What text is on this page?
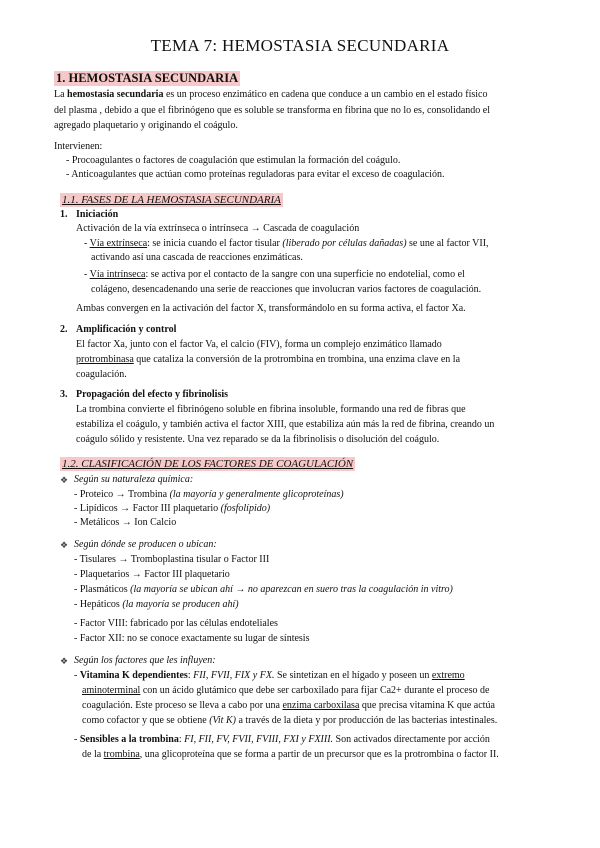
TEMA 7: HEMOSTASIA SECUNDARIA
1. HEMOSTASIA SECUNDARIA
La hemostasia secundaria es un proceso enzimático en cadena que conduce a un cambio en el estado físico
del plasma , debido a que el fibrinógeno que es soluble se transforma en fibrina que no lo es, consolidando el
agregado plaquetario y originando el coágulo.
Intervienen:
- Procoagulantes o factores de coagulación que estimulan la formación del coágulo.
- Anticoagulantes que actúan como proteínas reguladoras para evitar el exceso de coagulación.
1.1. FASES DE LA HEMOSTASIA SECUNDARIA
1. Iniciación
Activación de la vía extrínseca o intrínseca → Cascada de coagulación
- Vía extrínseca: se inicia cuando el factor tisular (liberado por células dañadas) se une al factor VII,
activando así una cascada de reacciones enzimáticas.
- Vía intrínseca: se activa por el contacto de la sangre con una superficie no endotelial, como el
colágeno, desencadenando una serie de reacciones que involucran varios factores de coagulación.
Ambas convergen en la activación del factor X, transformándolo en su forma activa, el factor Xa.
2. Amplificación y control
El factor Xa, junto con el factor Va, el calcio (FIV), forma un complejo enzimático llamado
protrombinasa que cataliza la conversión de la protrombina en trombina, una enzima clave en la
coagulación.
3. Propagación del efecto y fibrinolisis
La trombina convierte el fibrinógeno soluble en fibrina insoluble, formando una red de fibras que
estabiliza el coágulo, y también activa el factor XIII, que estabiliza aún más la red de fibrina, creando un
coágulo sólido y resistente. Una vez reparado se da la fibrinolisis o disolución del coágulo.
1.2. CLASIFICACIÓN DE LOS FACTORES DE COAGULACIÓN
❖ Según su naturaleza química:
- Proteico → Trombina (la mayoría y generalmente glicoproteínas)
- Lipídicos → Factor III plaquetario (fosfolípido)
- Metálicos → Ion Calcio
❖ Según dónde se producen o ubican:
- Tisulares → Tromboplastina tisular o Factor III
- Plaquetarios → Factor III plaquetario
- Plasmáticos (la mayoría se ubican ahí → no aparezcan en suero tras la coagulación in vitro)
- Hepáticos (la mayoría se producen ahí)
- Factor VIII: fabricado por las células endoteliales
- Factor XII: no se conoce exactamente su lugar de síntesis
❖ Según los factores que les influyen:
- Vitamina K dependientes: FII, FVII, FIX y FX. Se sintetizan en el hígado y poseen un extremo
aminoterminal con un ácido glutámico que debe ser carboxilado para fijar Ca2+ durante el proceso de
coagulación. Este proceso se lleva a cabo por una enzima carboxilasa que precisa vitamina K que actúa
como cofactor y que se obtiene (Vit K) a través de la dieta y por producción de las bacterias intestinales.
- Sensibles a la trombina: FI, FII, FV, FVII, FVIII, FXI y FXIII. Son activados directamente por acción
de la trombina, una glicoproteína que se forma a partir de un precursor que es la protrombina o factor II.
